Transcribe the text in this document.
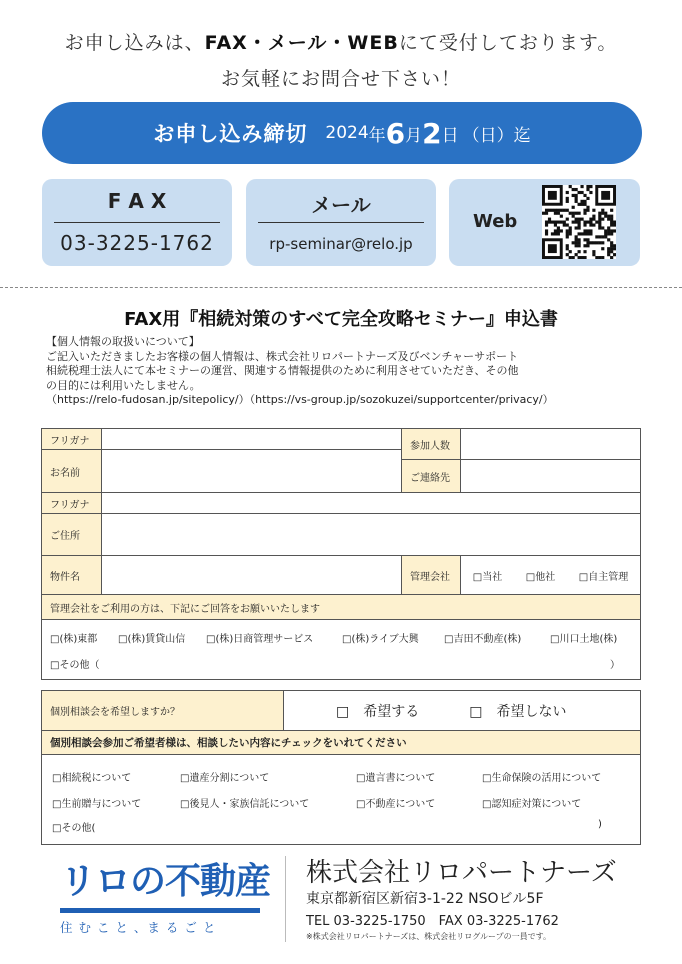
お申し込みは、FAX・メール・WEBにて受付しております。
お気軽にお問合せ下さい！
お申し込み締切 2024 年 6 月 2 日 （日）迄
F A X
03-3225-1762
メール
rp-seminar@relo.jp
Web
FAX用『相続対策のすべて完全攻略セミナー』申込書
【個人情報の取扱いについて】
ご記入いただきましたお客様の個人情報は、株式会社リロパートナーズ及びベンチャーサポート
相続税理士法人にて本セミナーの運営、関連する情報提供のために利用させていただき、その他
の目的には利用いたしません。
（https://relo-fudosan.jp/sitepolicy/）（https://vs-group.jp/sozokuzei/supportcenter/privacy/）
フリガナ	参加人数
お名前	ご連絡先
フリガナ
ご住所
物件名	管理会社	□当社 □他社 □自主管理
管理会社をご利用の方は、下記にご回答をお願いいたします
□(株)東都 □(株)賃貸山信 □(株)日商管理サービス	□(株)ライブ大興	□吉田不動産(株)	□川口土地(株)
□その他（	）
個別相談会を希望しますか？	□　希望する	□　希望しない
個別相談会参加ご希望者様は、相談したい内容にチェックをいれてください
□相続税について	□遺産分割について	□遺言書について	□生命保険の活用について
□生前贈与について	□後見人・家族信託について	□不動産について	□認知症対策について
□その他(	)
リロの不動産
住 む こ と 、ま る ご と
株式会社リロパートナーズ
東京都新宿区新宿3-1-22 NSOビル5F
TEL 03-3225-1750　FAX 03-3225-1762
※株式会社リロパートナーズは、株式会社リログループの一員です。
